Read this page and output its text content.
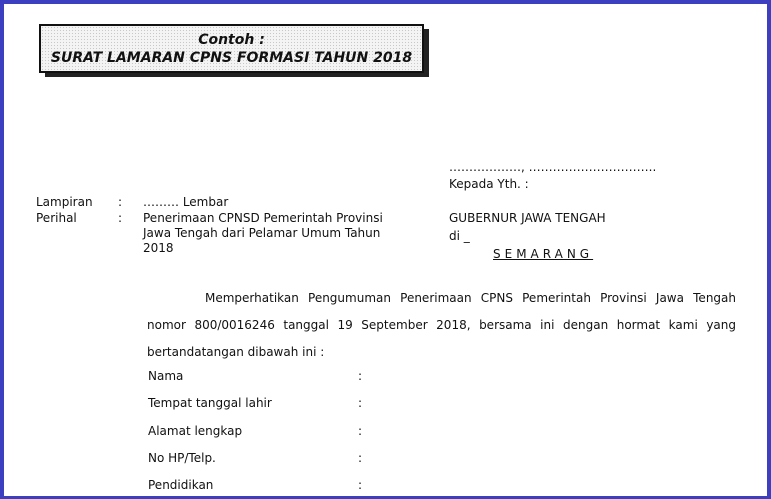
Contoh :
SURAT LAMARAN CPNS FORMASI TAHUN 2018
………………, …………………………..
Kepada Yth. :
Lampiran : ……… Lembar
Perihal	: Penerimaan CPNSD Pemerintah Provinsi
Jawa Tengah dari Pelamar Umum Tahun
2018
GUBERNUR JAWA TENGAH
di _
SEMARANG
Memperhatikan Pengumuman Penerimaan CPNS Pemerintah Provinsi Jawa Tengah nomor 800/0016246 tanggal 19 September 2018, bersama ini dengan hormat kami yang bertandatangan dibawah ini :
Nama	:
Tempat tanggal lahir	:
Alamat lengkap	:
No HP/Telp.	:
Pendidikan	:
